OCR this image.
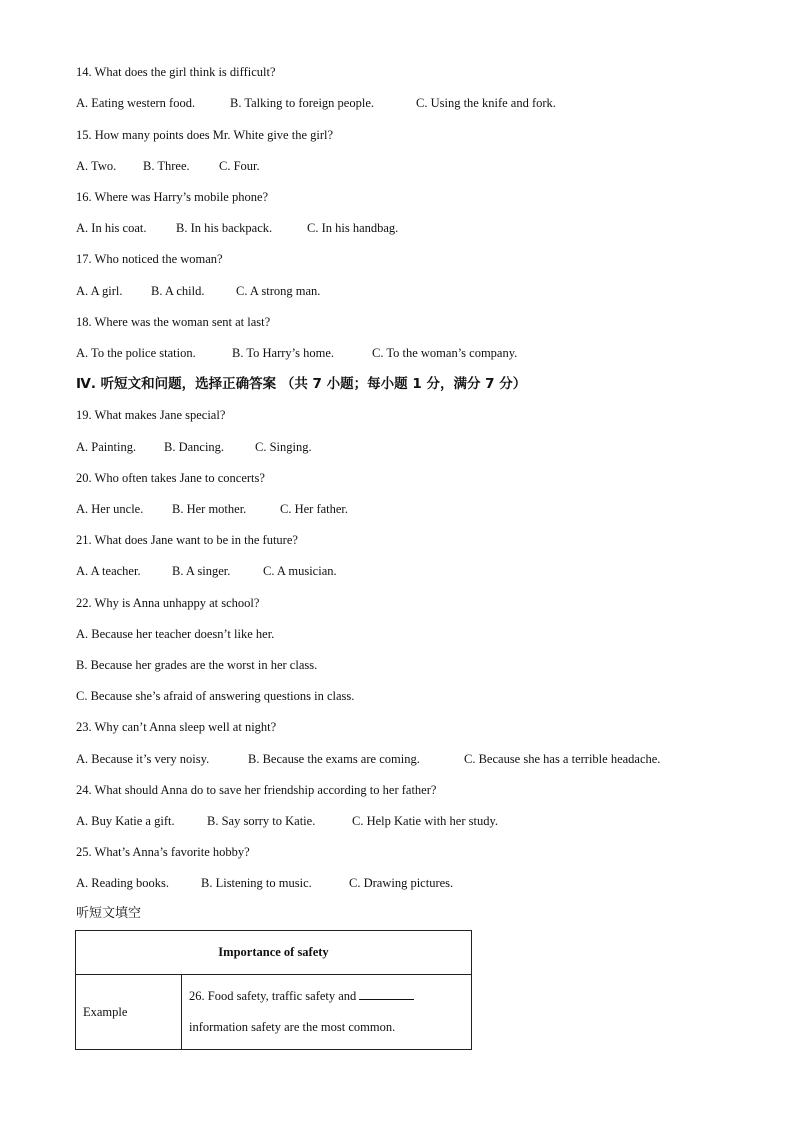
14. What does the girl think is difficult?
A. Eating western food.	B. Talking to foreign people.	C. Using the knife and fork.
15. How many points does Mr. White give the girl?
A. Two. B. Three. C. Four.
16. Where was Harry’s mobile phone?
A. In his coat. B. In his backpack.	C. In his handbag.
17. Who noticed the woman?
A. A girl. B. A child.	C. A strong man.
18. Where was the woman sent at last?
A. To the police station.	B. To Harry’s home.	C. To the woman’s company.
Ⅳ. 听短文和问题，选择正确答案 （共 7 小题；每小题 1 分，满分 7 分）
19. What makes Jane special?
A. Painting. B. Dancing. C. Singing.
20. Who often takes Jane to concerts?
A. Her uncle. B. Her mother.	C. Her father.
21. What does Jane want to be in the future?
A. A teacher.	B. A singer.	C. A musician.
22. Why is Anna unhappy at school?
A. Because her teacher doesn’t like her.
B. Because her grades are the worst in her class.
C. Because she’s afraid of answering questions in class.
23. Why can’t Anna sleep well at night?
A. Because it’s very noisy.	B. Because the exams are coming.	C. Because she has a terrible headache.
24. What should Anna do to save her friendship according to her father?
A. Buy Katie a gift.	B. Say sorry to Katie.	C. Help Katie with her study.
25. What’s Anna’s favorite hobby?
A. Reading books.	B. Listening to music.	C. Drawing pictures.
听短文填空
Importance of safety
Example	26. Food safety, traffic safety and
information safety are the most common.
